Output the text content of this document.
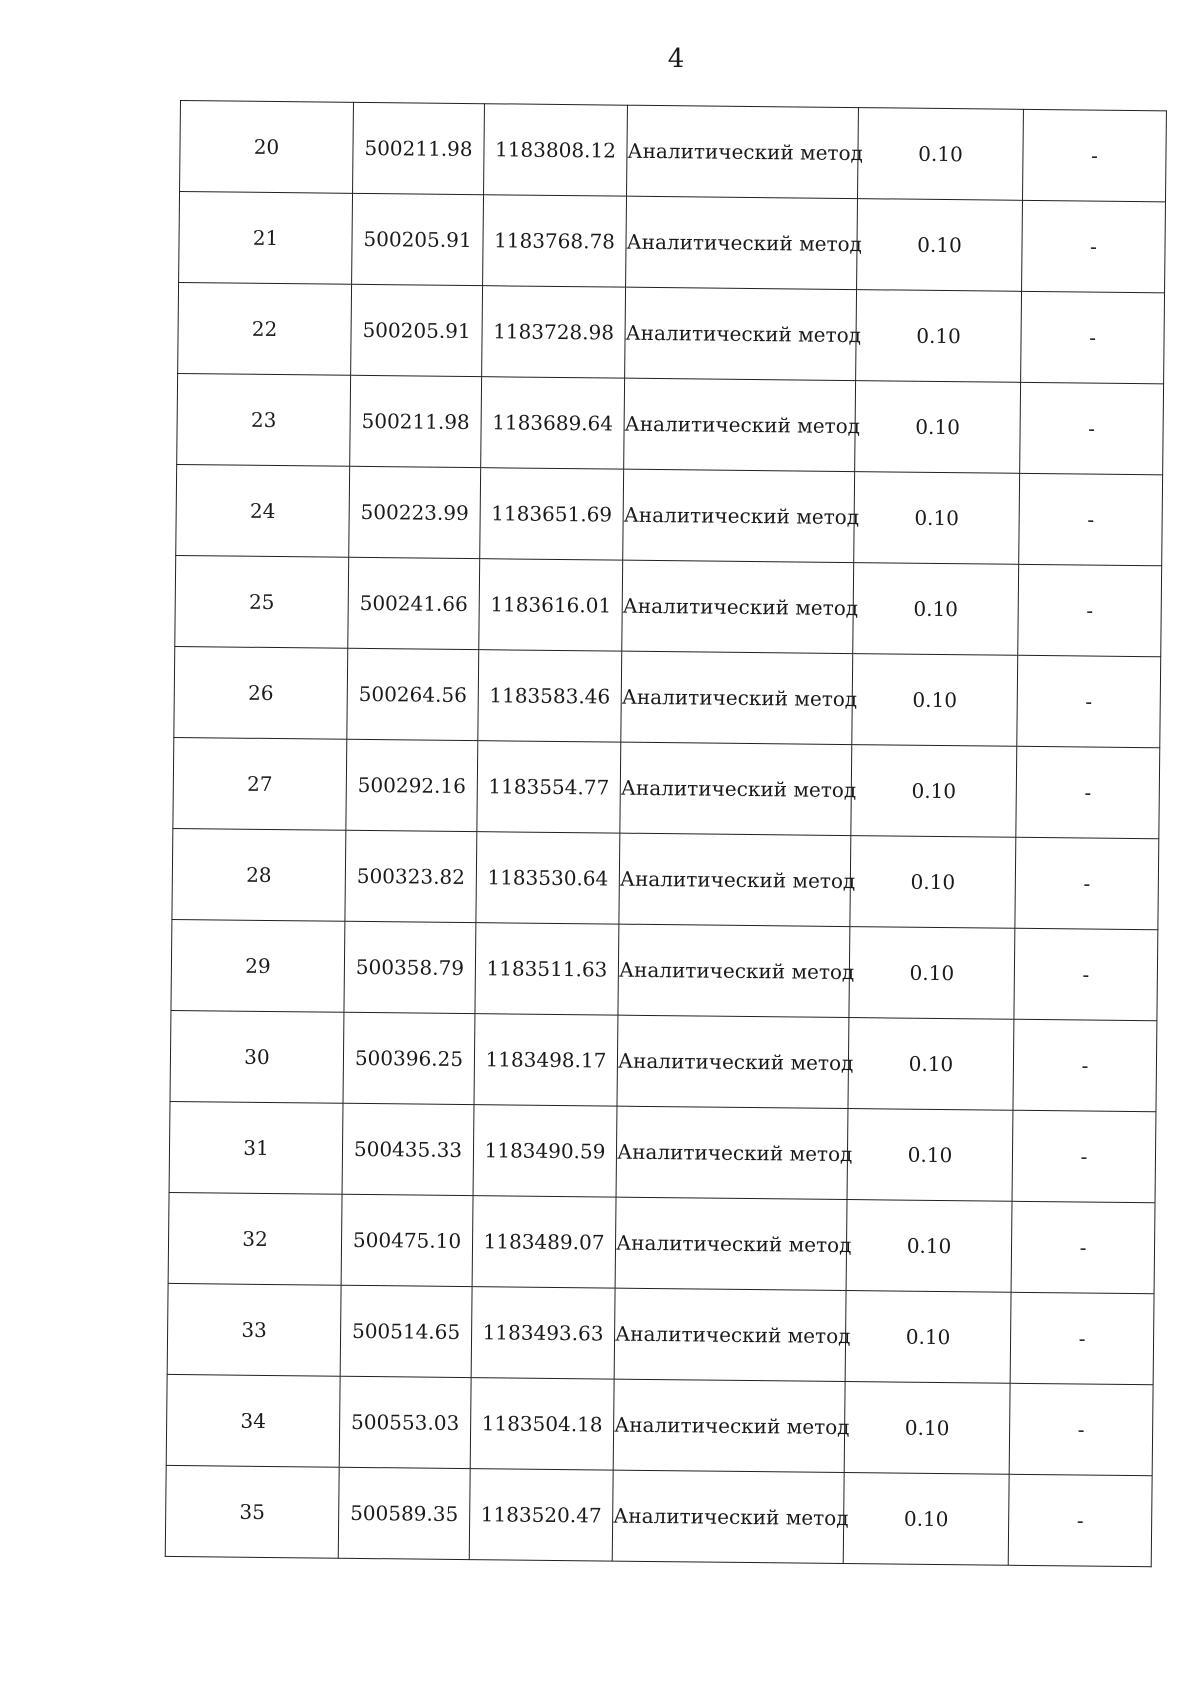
4
20	500211.98	1183808.12	Аналитический метод	0.10	-
21	500205.91	1183768.78	Аналитический метод	0.10	-
22	500205.91	1183728.98	Аналитический метод	0.10	-
23	500211.98	1183689.64	Аналитический метод	0.10	-
24	500223.99	1183651.69	Аналитический метод	0.10	-
25	500241.66	1183616.01	Аналитический метод	0.10	-
26	500264.56	1183583.46	Аналитический метод	0.10	-
27	500292.16	1183554.77	Аналитический метод	0.10	-
28	500323.82	1183530.64	Аналитический метод	0.10	-
29	500358.79	1183511.63	Аналитический метод	0.10	-
30	500396.25	1183498.17	Аналитический метод	0.10	-
31	500435.33	1183490.59	Аналитический метод	0.10	-
32	500475.10	1183489.07	Аналитический метод	0.10	-
33	500514.65	1183493.63	Аналитический метод	0.10	-
34	500553.03	1183504.18	Аналитический метод	0.10	-
35	500589.35	1183520.47	Аналитический метод	0.10	-
